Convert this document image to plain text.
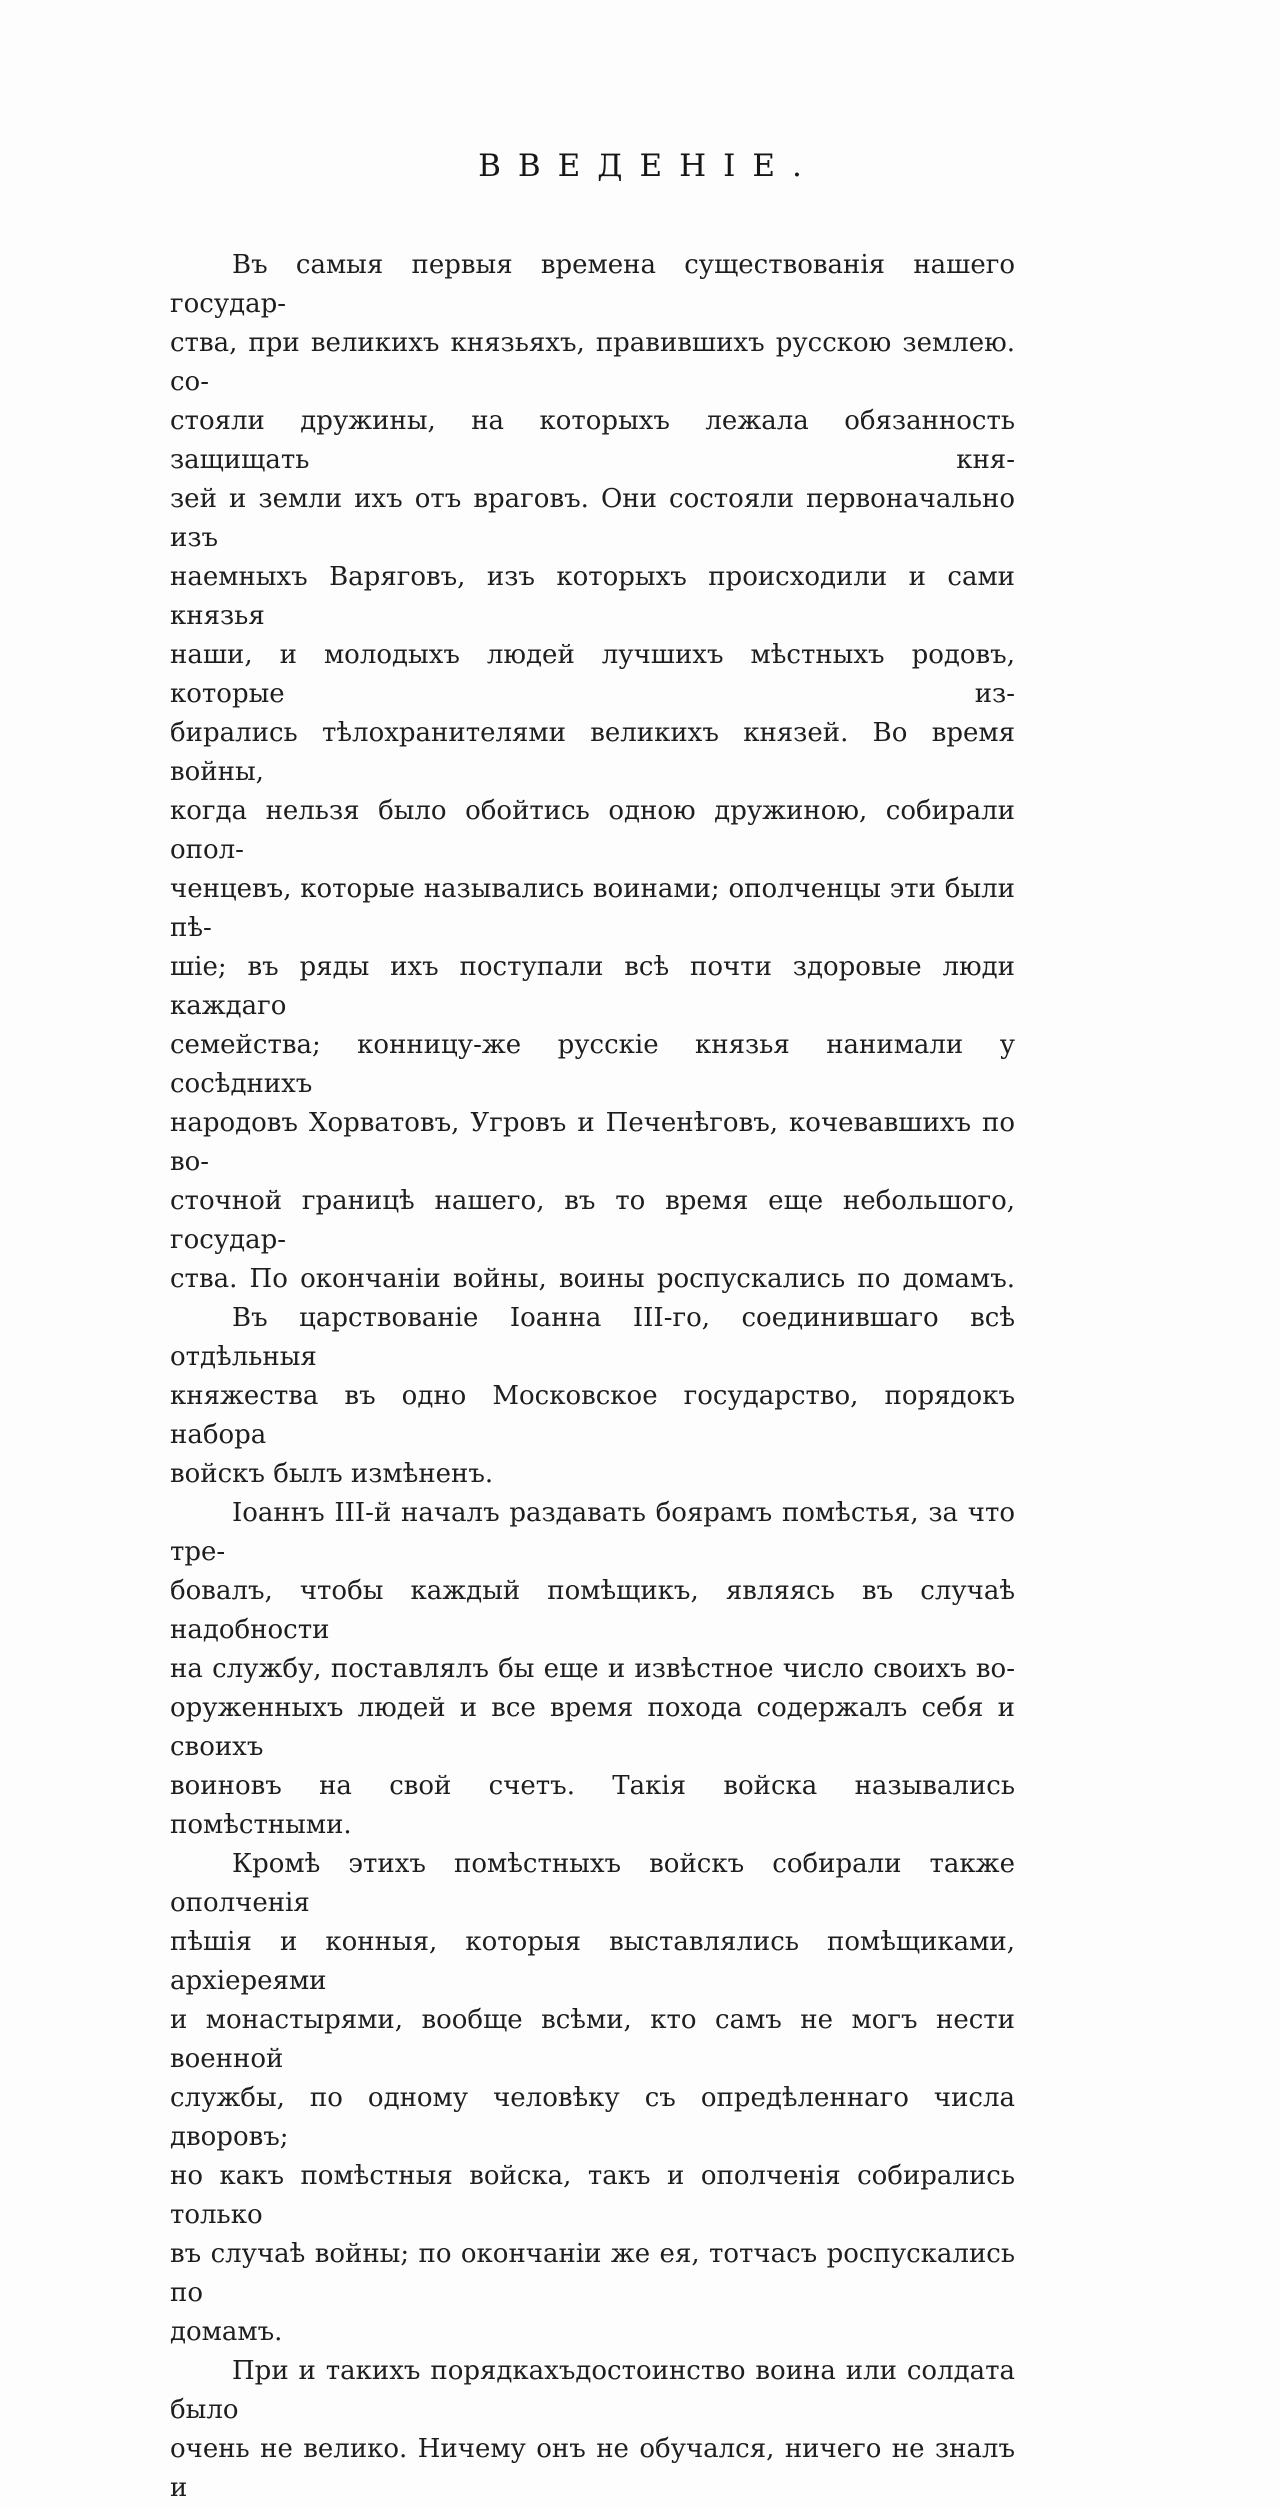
ВВЕДЕНІЕ.
Въ самыя первыя времена существованія нашего государ-
ства, при великихъ князьяхъ, правившихъ русскою землею. со-
стояли дружины, на которыхъ лежала обязанность защищать кня-
зей и земли ихъ отъ враговъ. Они состояли первоначально изъ
наемныхъ Варяговъ, изъ которыхъ происходили и сами князья
наши, и молодыхъ людей лучшихъ мѣстныхъ родовъ, которые из-
бирались тѣлохранителями великихъ князей. Во время войны,
когда нельзя было обойтись одною дружиною, собирали опол-
ченцевъ, которые назывались воинами; ополченцы эти были пѣ-
шіе; въ ряды ихъ поступали всѣ почти здоровые люди каждаго
семейства; конницу-же русскіе князья нанимали у сосѣднихъ
народовъ Хорватовъ, Угровъ и Печенѣговъ, кочевавшихъ по во-
сточной границѣ нашего, въ то время еще небольшого, государ-
ства. По окончаніи войны, воины роспускались по домамъ.
Въ царствованіе Іоанна ІІІ-го, соединившаго всѣ отдѣльныя
княжества въ одно Московское государство, порядокъ набора
войскъ былъ измѣненъ.
Іоаннъ ІІІ-й началъ раздавать боярамъ помѣстья, за что тре-
бовалъ, чтобы каждый помѣщикъ, являясь въ случаѣ надобности
на службу, поставлялъ бы еще и извѣстное число своихъ во-
оруженныхъ людей и все время похода содержалъ себя и своихъ
воиновъ на свой счетъ. Такія войска назывались помѣстными.
Кромѣ этихъ помѣстныхъ войскъ собирали также ополченія
пѣшія и конныя, которыя выставлялись помѣщиками, архіереями
и монастырями, вообще всѣми, кто самъ не могъ нести военной
службы, по одному человѣку съ опредѣленнаго числа дворовъ;
но какъ помѣстныя войска, такъ и ополченія собирались только
въ случаѣ войны; по окончаніи же ея, тотчасъ роспускались по
домамъ.
При и такихъ порядкахъдостоинство воина или солдата было
очень не велико. Ничему онъ не обучался, ничего не зналъ и
